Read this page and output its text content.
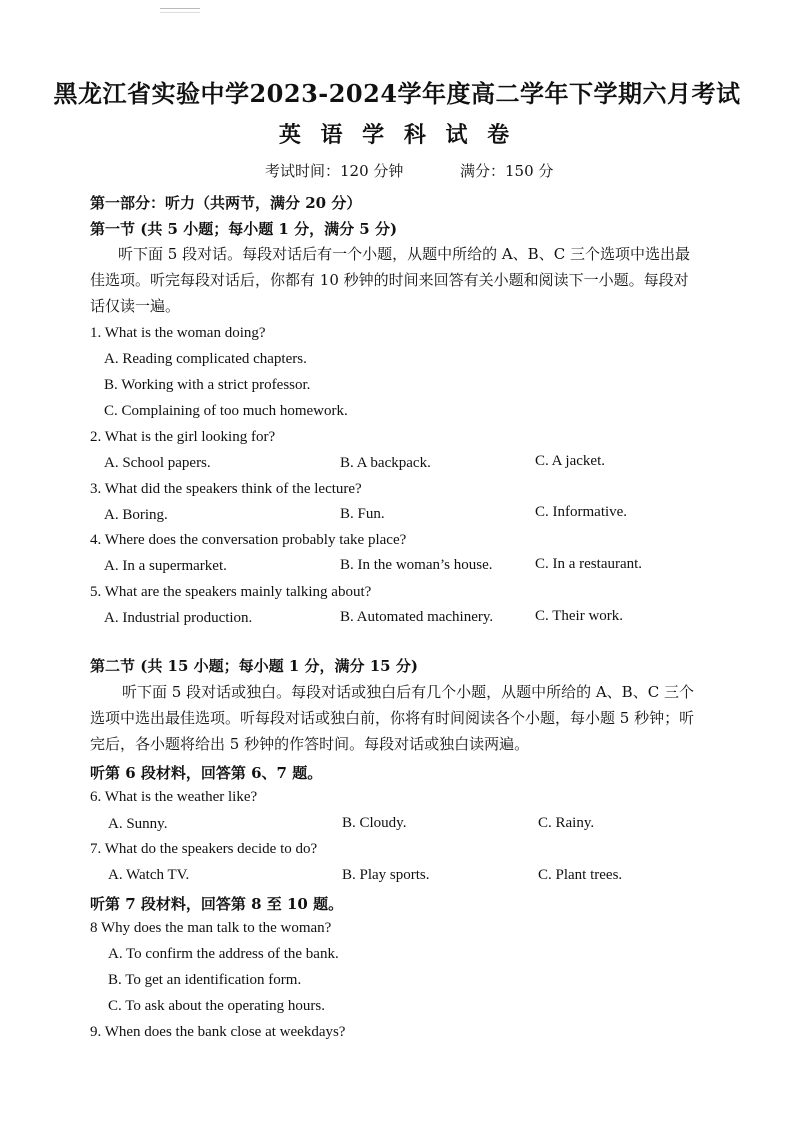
黑龙江省实验中学2023-2024学年度高二学年下学期六月考试
英 语 学 科 试 卷
考试时间：120 分钟	满分：150 分
第一部分：听力（共两节，满分 20 分）
第一节 (共 5 小题；每小题 1 分，满分 5 分)
听下面 5 段对话。每段对话后有一个小题，从题中所给的 A、B、C 三个选项中选出最
佳选项。听完每段对话后，你都有 10 秒钟的时间来回答有关小题和阅读下一小题。每段对
话仅读一遍。
1. What is the woman doing?
A. Reading complicated chapters.
B. Working with a strict professor.
C. Complaining of too much homework.
2. What is the girl looking for?
A. School papers.	B. A backpack.	C. A jacket.
3. What did the speakers think of the lecture?
A. Boring.	B. Fun.	C. Informative.
4. Where does the conversation probably take place?
A. In a supermarket.	B. In the woman’s house.	C. In a restaurant.
5. What are the speakers mainly talking about?
A. Industrial production.	B. Automated machinery.	C. Their work.
第二节 (共 15 小题；每小题 1 分，满分 15 分)
听下面 5 段对话或独白。每段对话或独白后有几个小题，从题中所给的 A、B、C 三个
选项中选出最佳选项。听每段对话或独白前，你将有时间阅读各个小题，每小题 5 秒钟；听
完后，各小题将给出 5 秒钟的作答时间。每段对话或独白读两遍。
听第 6 段材料，回答第 6、7 题。
6. What is the weather like?
A. Sunny.	B. Cloudy.	C. Rainy.
7. What do the speakers decide to do?
A. Watch TV.	B. Play sports.	C. Plant trees.
听第 7 段材料，回答第 8 至 10 题。
8 Why does the man talk to the woman?
A. To confirm the address of the bank.
B. To get an identification form.
C. To ask about the operating hours.
9. When does the bank close at weekdays?
